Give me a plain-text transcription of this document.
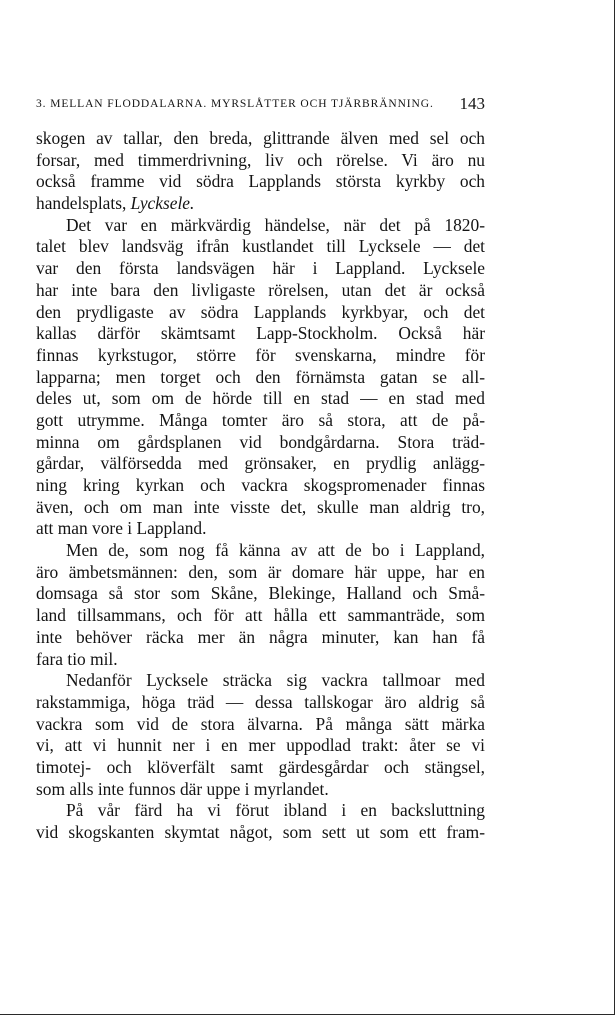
3. MELLAN FLODDALARNA. MYRSLÅTTER OCH TJÄRBRÄNNING. 143
skogen av tallar, den breda, glittrande älven med sel och
forsar, med timmerdrivning, liv och rörelse. Vi äro nu
också framme vid södra Lapplands största kyrkby och
handelsplats, Lycksele.
Det var en märkvärdig händelse, när det på 1820-
talet blev landsväg ifrån kustlandet till Lycksele — det
var den första landsvägen här i Lappland. Lycksele
har inte bara den livligaste rörelsen, utan det är också
den prydligaste av södra Lapplands kyrkbyar, och det
kallas därför skämtsamt Lapp-Stockholm. Också här
finnas kyrkstugor, större för svenskarna, mindre för
lapparna; men torget och den förnämsta gatan se all-
deles ut, som om de hörde till en stad — en stad med
gott utrymme. Många tomter äro så stora, att de på-
minna om gårdsplanen vid bondgårdarna. Stora träd-
gårdar, välförsedda med grönsaker, en prydlig anlägg-
ning kring kyrkan och vackra skogspromenader finnas
även, och om man inte visste det, skulle man aldrig tro,
att man vore i Lappland.
Men de, som nog få känna av att de bo i Lappland,
äro ämbetsmännen: den, som är domare här uppe, har en
domsaga så stor som Skåne, Blekinge, Halland och Små-
land tillsammans, och för att hålla ett sammanträde, som
inte behöver räcka mer än några minuter, kan han få
fara tio mil.
Nedanför Lycksele sträcka sig vackra tallmoar med
rakstammiga, höga träd — dessa tallskogar äro aldrig så
vackra som vid de stora älvarna. På många sätt märka
vi, att vi hunnit ner i en mer uppodlad trakt: åter se vi
timotej- och klöverfält samt gärdesgårdar och stängsel,
som alls inte funnos där uppe i myrlandet.
På vår färd ha vi förut ibland i en backsluttning
vid skogskanten skymtat något, som sett ut som ett fram-
